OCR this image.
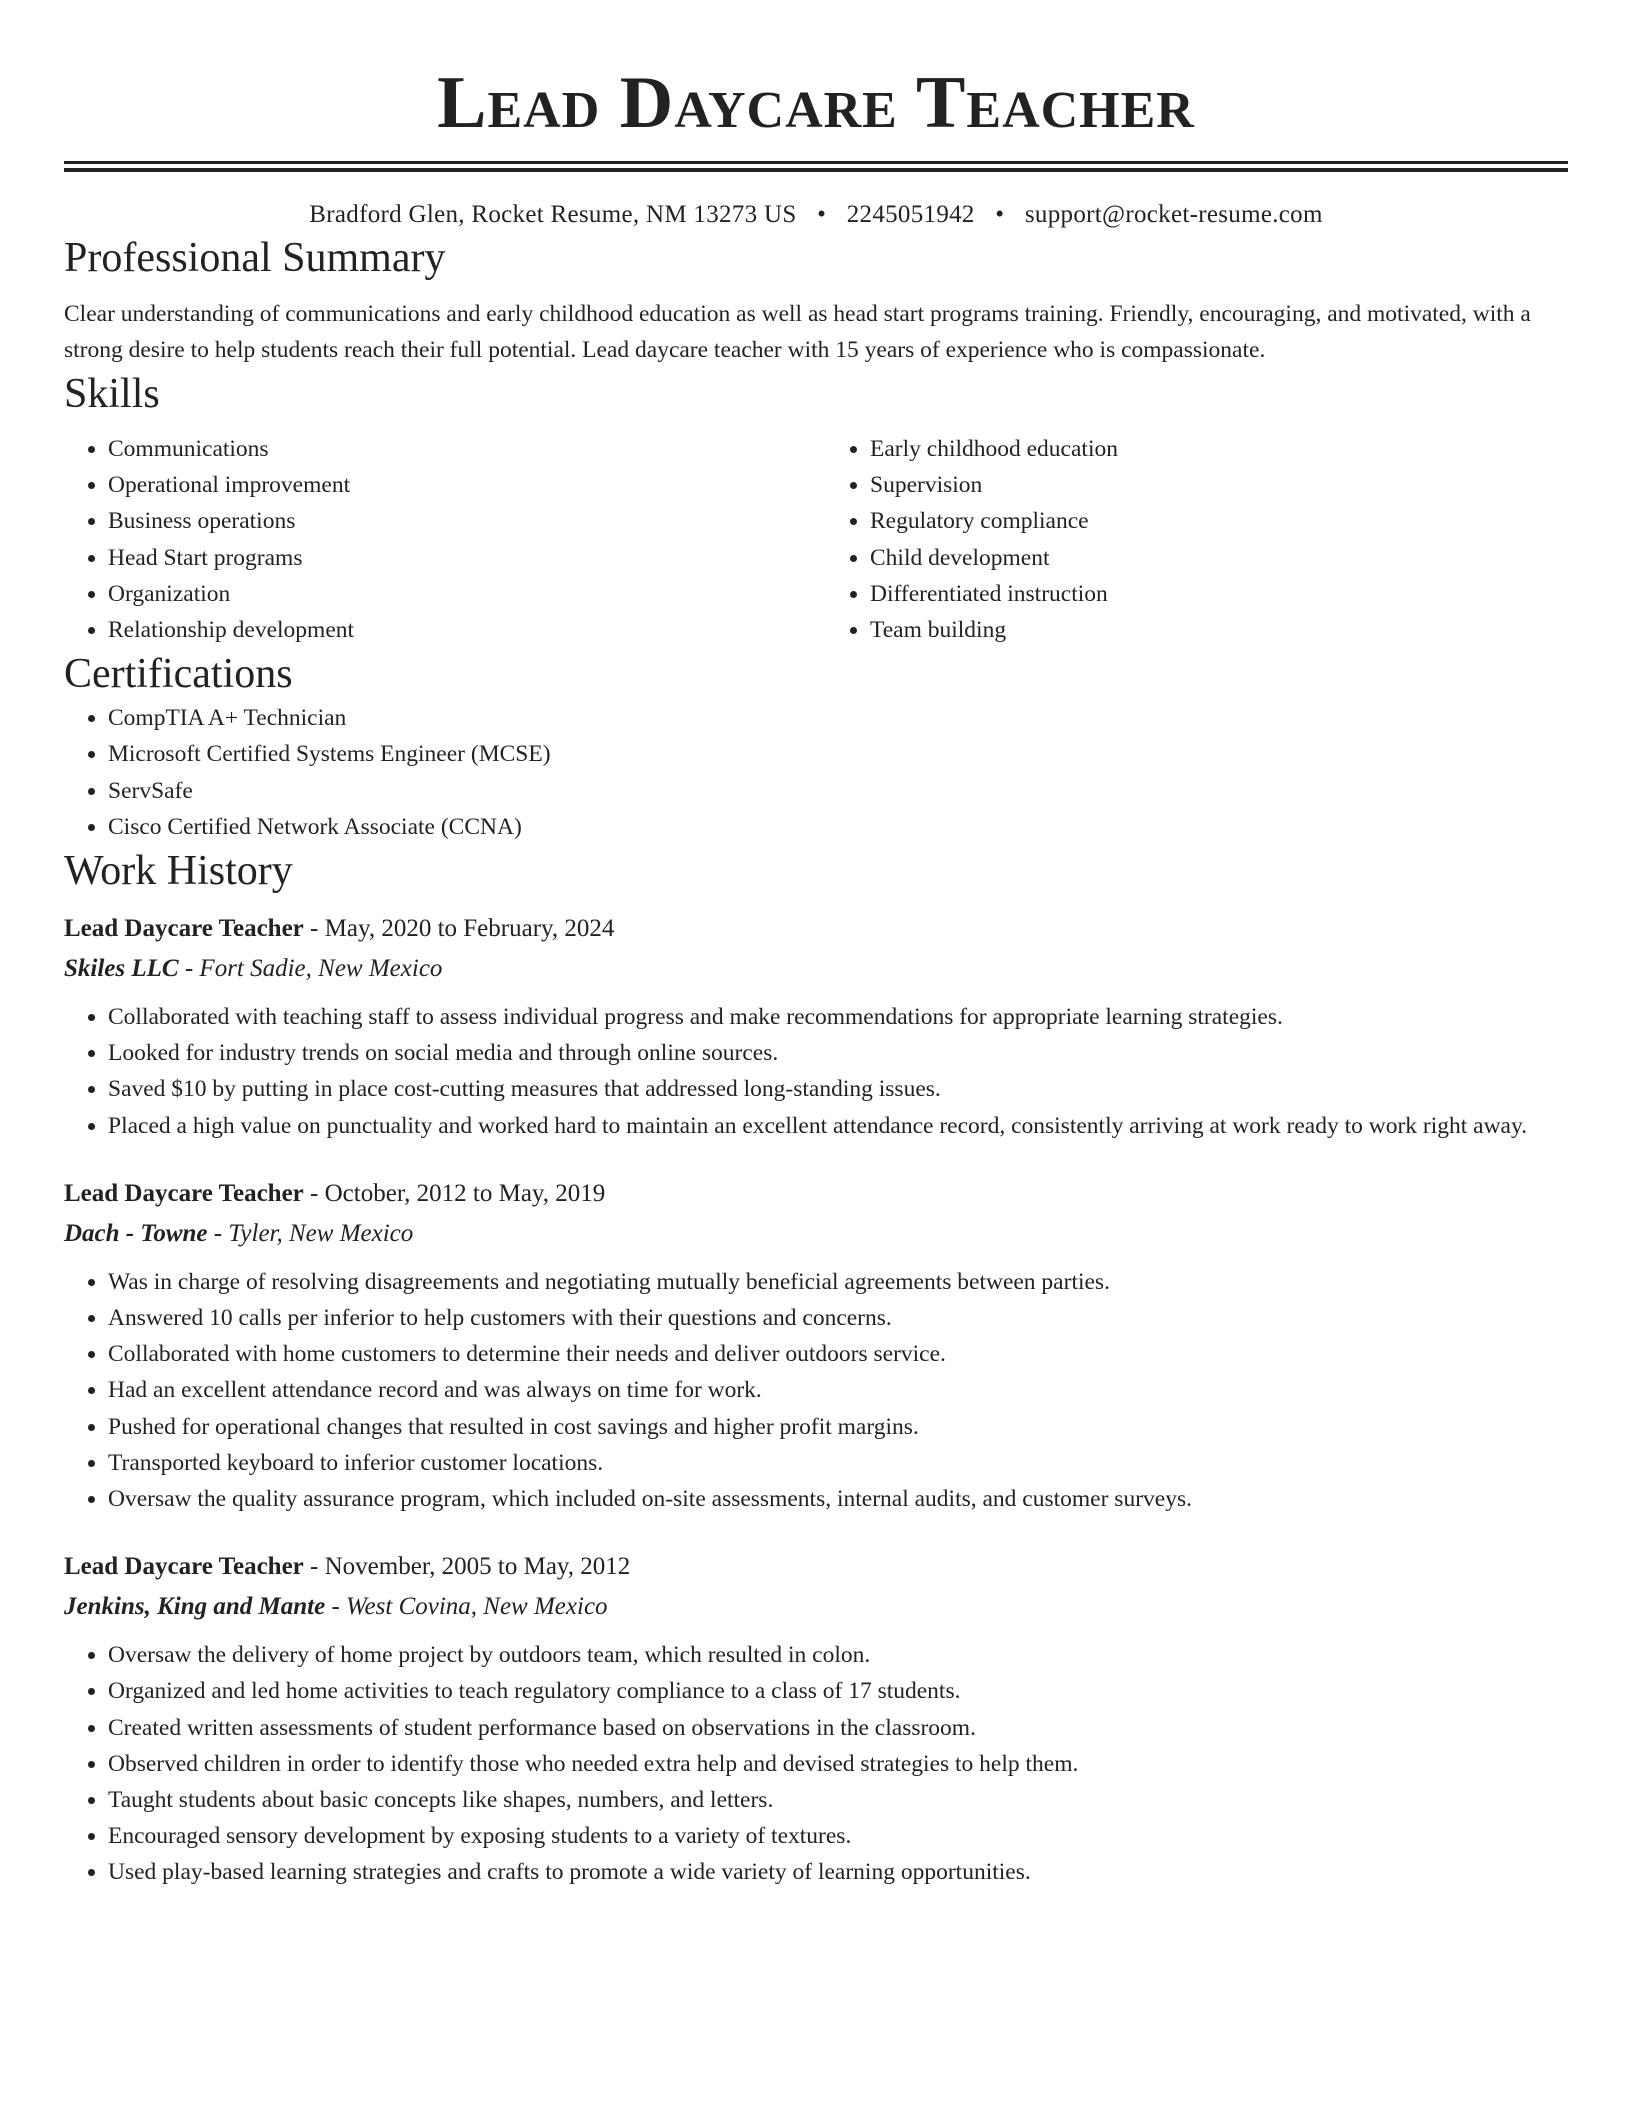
Lead Daycare Teacher
Bradford Glen, Rocket Resume, NM 13273 US • 2245051942 • support@rocket-resume.com
Professional Summary

Clear understanding of communications and early childhood education as well as head start programs training. Friendly, encouraging, and motivated, with a strong desire to help students reach their full potential. Lead daycare teacher with 15 years of experience who is compassionate.

Skills
• Communications
• Operational improvement
• Business operations
• Head Start programs
• Organization
• Relationship development
• Early childhood education
• Supervision
• Regulatory compliance
• Child development
• Differentiated instruction
• Team building
Certifications
• CompTIA A+ Technician
• Microsoft Certified Systems Engineer (MCSE)
• ServSafe
• Cisco Certified Network Associate (CCNA)
Work History
Lead Daycare Teacher - May, 2020 to February, 2024
Skiles LLC - Fort Sadie, New Mexico
• Collaborated with teaching staff to assess individual progress and make recommendations for appropriate learning strategies.
• Looked for industry trends on social media and through online sources.
• Saved $10 by putting in place cost-cutting measures that addressed long-standing issues.
• Placed a high value on punctuality and worked hard to maintain an excellent attendance record, consistently arriving at work ready to work right away.
Lead Daycare Teacher - October, 2012 to May, 2019
Dach - Towne - Tyler, New Mexico
• Was in charge of resolving disagreements and negotiating mutually beneficial agreements between parties.
• Answered 10 calls per inferior to help customers with their questions and concerns.
• Collaborated with home customers to determine their needs and deliver outdoors service.
• Had an excellent attendance record and was always on time for work.
• Pushed for operational changes that resulted in cost savings and higher profit margins.
• Transported keyboard to inferior customer locations.
• Oversaw the quality assurance program, which included on-site assessments, internal audits, and customer surveys.
Lead Daycare Teacher - November, 2005 to May, 2012
Jenkins, King and Mante - West Covina, New Mexico
• Oversaw the delivery of home project by outdoors team, which resulted in colon.
• Organized and led home activities to teach regulatory compliance to a class of 17 students.
• Created written assessments of student performance based on observations in the classroom.
• Observed children in order to identify those who needed extra help and devised strategies to help them.
• Taught students about basic concepts like shapes, numbers, and letters.
• Encouraged sensory development by exposing students to a variety of textures.
• Used play-based learning strategies and crafts to promote a wide variety of learning opportunities.
